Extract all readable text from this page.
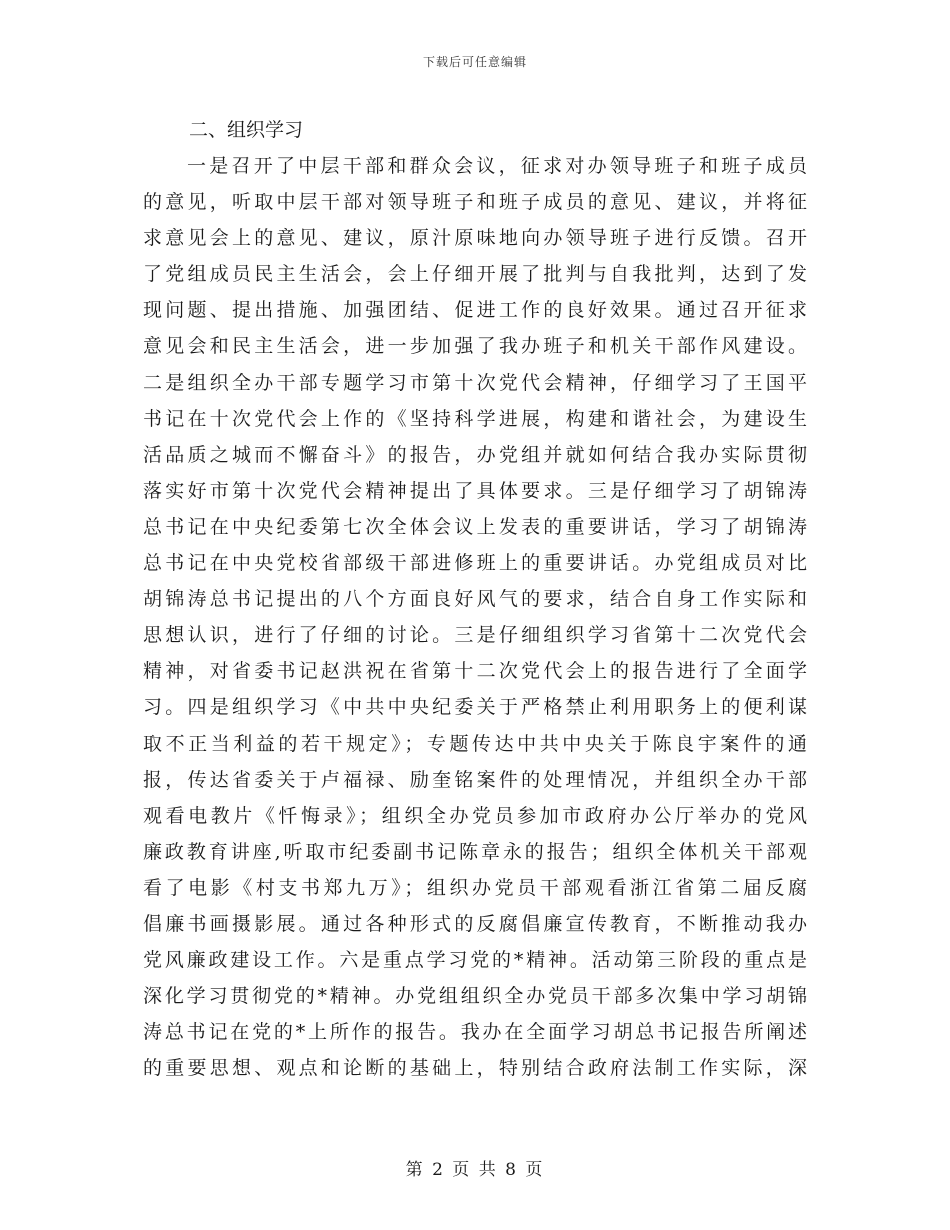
下载后可任意编辑
二、组织学习
一是召开了中层干部和群众会议，征求对办领导班子和班子成员
的意见，听取中层干部对领导班子和班子成员的意见、建议，并将征
求意见会上的意见、建议，原汁原味地向办领导班子进行反馈。召开
了党组成员民主生活会，会上仔细开展了批判与自我批判，达到了发
现问题、提出措施、加强团结、促进工作的良好效果。通过召开征求
意见会和民主生活会，进一步加强了我办班子和机关干部作风建设。
二是组织全办干部专题学习市第十次党代会精神，仔细学习了王国平
书记在十次党代会上作的《坚持科学进展，构建和谐社会，为建设生
活品质之城而不懈奋斗》的报告，办党组并就如何结合我办实际贯彻
落实好市第十次党代会精神提出了具体要求。三是仔细学习了胡锦涛
总书记在中央纪委第七次全体会议上发表的重要讲话，学习了胡锦涛
总书记在中央党校省部级干部进修班上的重要讲话。办党组成员对比
胡锦涛总书记提出的八个方面良好风气的要求，结合自身工作实际和
思想认识，进行了仔细的讨论。三是仔细组织学习省第十二次党代会
精神，对省委书记赵洪祝在省第十二次党代会上的报告进行了全面学
习。四是组织学习《中共中央纪委关于严格禁止利用职务上的便利谋
取不正当利益的若干规定》；专题传达中共中央关于陈良宇案件的通
报，传达省委关于卢福禄、励奎铭案件的处理情况，并组织全办干部
观看电教片《忏悔录》；组织全办党员参加市政府办公厅举办的党风
廉政教育讲座,听取市纪委副书记陈章永的报告；组织全体机关干部观
看了电影《村支书郑九万》；组织办党员干部观看浙江省第二届反腐
倡廉书画摄影展。通过各种形式的反腐倡廉宣传教育，不断推动我办
党风廉政建设工作。六是重点学习党的*精神。活动第三阶段的重点是
深化学习贯彻党的*精神。办党组组织全办党员干部多次集中学习胡锦
涛总书记在党的*上所作的报告。我办在全面学习胡总书记报告所阐述
的重要思想、观点和论断的基础上，特别结合政府法制工作实际，深
第 2 页 共 8 页
